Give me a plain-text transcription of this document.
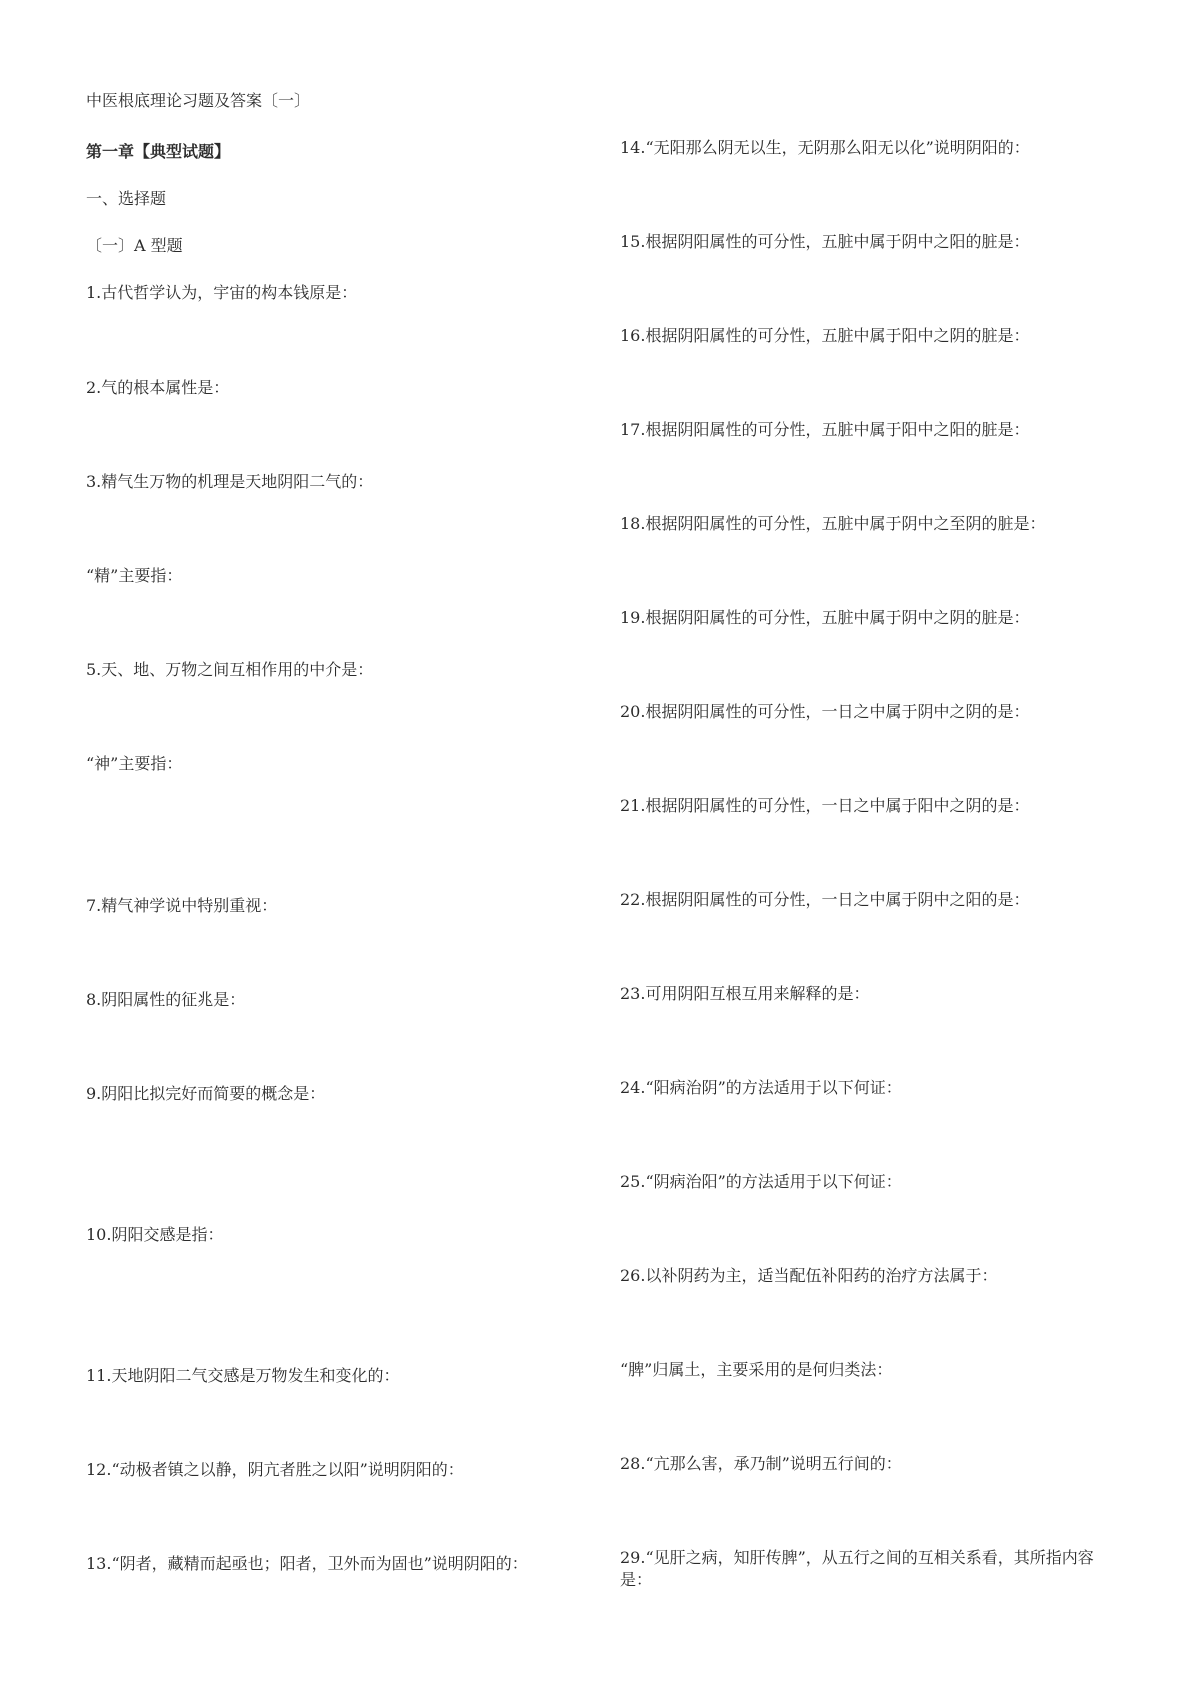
中医根底理论习题及答案〔一〕
第一章【典型试题】
一、选择题
〔一〕A 型题
1.古代哲学认为，宇宙的构本钱原是：
2.气的根本属性是：
3.精气生万物的机理是天地阴阳二气的：
“精”主要指：
5.天、地、万物之间互相作用的中介是：
“神”主要指：
7.精气神学说中特别重视：
8.阴阳属性的征兆是：
9.阴阳比拟完好而简要的概念是：
10.阴阳交感是指：
11.天地阴阳二气交感是万物发生和变化的：
12.“动极者镇之以静，阴亢者胜之以阳”说明阴阳的：
13.“阴者，藏精而起亟也；阳者，卫外而为固也”说明阴阳的：
14.“无阳那么阴无以生，无阴那么阳无以化”说明阴阳的：
15.根据阴阳属性的可分性，五脏中属于阴中之阳的脏是：
16.根据阴阳属性的可分性，五脏中属于阳中之阴的脏是：
17.根据阴阳属性的可分性，五脏中属于阳中之阳的脏是：
18.根据阴阳属性的可分性，五脏中属于阴中之至阴的脏是：
19.根据阴阳属性的可分性，五脏中属于阴中之阴的脏是：
20.根据阴阳属性的可分性，一日之中属于阴中之阴的是：
21.根据阴阳属性的可分性，一日之中属于阳中之阴的是：
22.根据阴阳属性的可分性，一日之中属于阴中之阳的是：
23.可用阴阳互根互用来解释的是：
24.“阳病治阴”的方法适用于以下何证：
25.“阴病治阳”的方法适用于以下何证：
26.以补阴药为主，适当配伍补阳药的治疗方法属于：
“脾”归属土，主要采用的是何归类法：
28.“亢那么害，承乃制”说明五行间的：
29.“见肝之病，知肝传脾”，从五行之间的互相关系看，其所指内容是：
